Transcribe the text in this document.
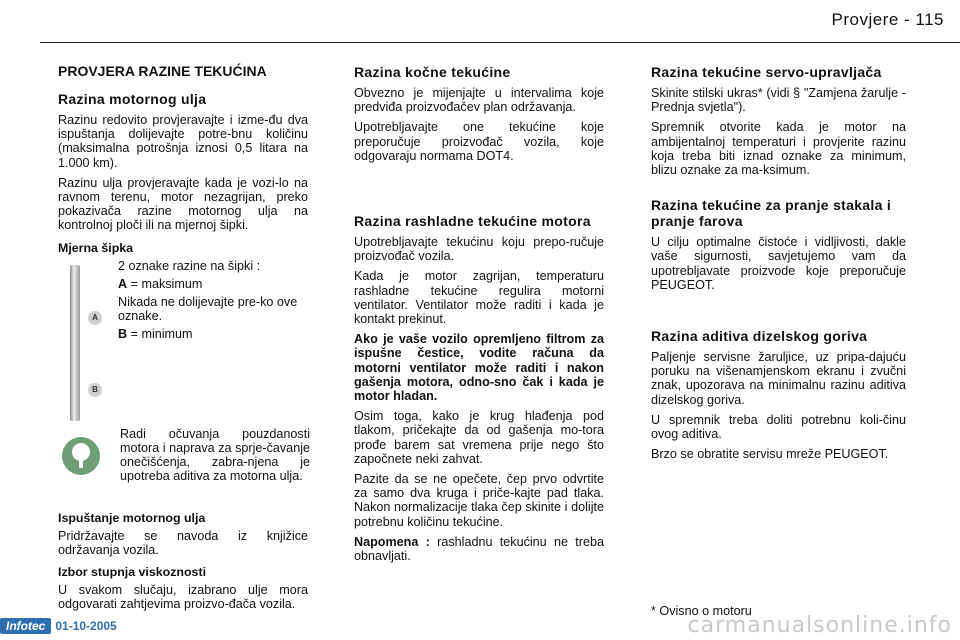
Provjere - 115
PROVJERA RAZINE TEKUĆINA
Razina motornog ulja

Razinu redovito provjeravajte i izme-đu dva ispuštanja dolijevajte potre-bnu količinu (maksimalna potrošnja iznosi 0,5 litara na 1.000 km).

Razinu ulja provjeravajte kada je vozi-lo na ravnom terenu, motor nezagrijan, preko pokazivača razine motornog ulja na kontrolnoj ploči ili na mjernoj šipki.

Mjerna šipka
A
B

2 oznake razine na šipki :

A = maksimum

Nikada ne dolijevajte pre-ko ove oznake.

B = minimum

Radi očuvanja pouzdanosti motora i naprava za sprje-čavanje onečišćenja, zabra-njena je upotreba aditiva za motorna ulja.

Ispuštanje motornog ulja

Pridržavajte se navoda iz knjižice održavanja vozila.

Izbor stupnja viskoznosti

U svakom slučaju, izabrano ulje mora odgovarati zahtjevima proizvo-đača vozila.

Razina kočne tekućine

Obvezno je mijenjajte u intervalima koje predviđa proizvođačev plan održavanja.

Upotrebljavajte one tekućine koje preporučuje proizvođač vozila, koje odgovaraju normama DOT4.

Razina rashladne tekućine motora

Upotrebljavajte tekućinu koju prepo-ručuje proizvođač vozila.

Kada je motor zagrijan, temperaturu rashladne tekućine regulira motorni ventilator. Ventilator može raditi i kada je kontakt prekinut.

Ako je vaše vozilo opremljeno filtrom za ispušne čestice, vodite računa da motorni ventilator može raditi i nakon gašenja motora, odno-sno čak i kada je motor hladan.

Osim toga, kako je krug hlađenja pod tlakom, pričekajte da od gašenja mo-tora prođe barem sat vremena prije nego što započnete neki zahvat.

Pazite da se ne opečete, čep prvo odvrtite za samo dva kruga i priče-kajte pad tlaka. Nakon normalizacije tlaka čep skinite i dolijte potrebnu količinu tekućine.

Napomena : rashladnu tekućinu ne treba obnavljati.

Razina tekućine servo-upravljača

Skinite stilski ukras* (vidi § "Zamjena žarulje - Prednja svjetla").

Spremnik otvorite kada je motor na ambijentalnoj temperaturi i provjerite razinu koja treba biti iznad oznake za minimum, blizu oznake za ma-ksimum.

Razina tekućine za pranje stakala i pranje farova

U cilju optimalne čistoće i vidljivosti, dakle vaše sigurnosti, savjetujemo vam da upotrebljavate proizvode koje preporučuje PEUGEOT.

Razina aditiva dizelskog goriva

Paljenje servisne žaruljice, uz pripa-dajuću poruku na višenamjenskom ekranu i zvučni znak, upozorava na minimalnu razinu aditiva dizelskog goriva.

U spremnik treba doliti potrebnu koli-činu ovog aditiva.

Brzo se obratite servisu mreže PEUGEOT.

* Ovisno o motoru
Infotec 01-10-2005	carmanualsonline.info
